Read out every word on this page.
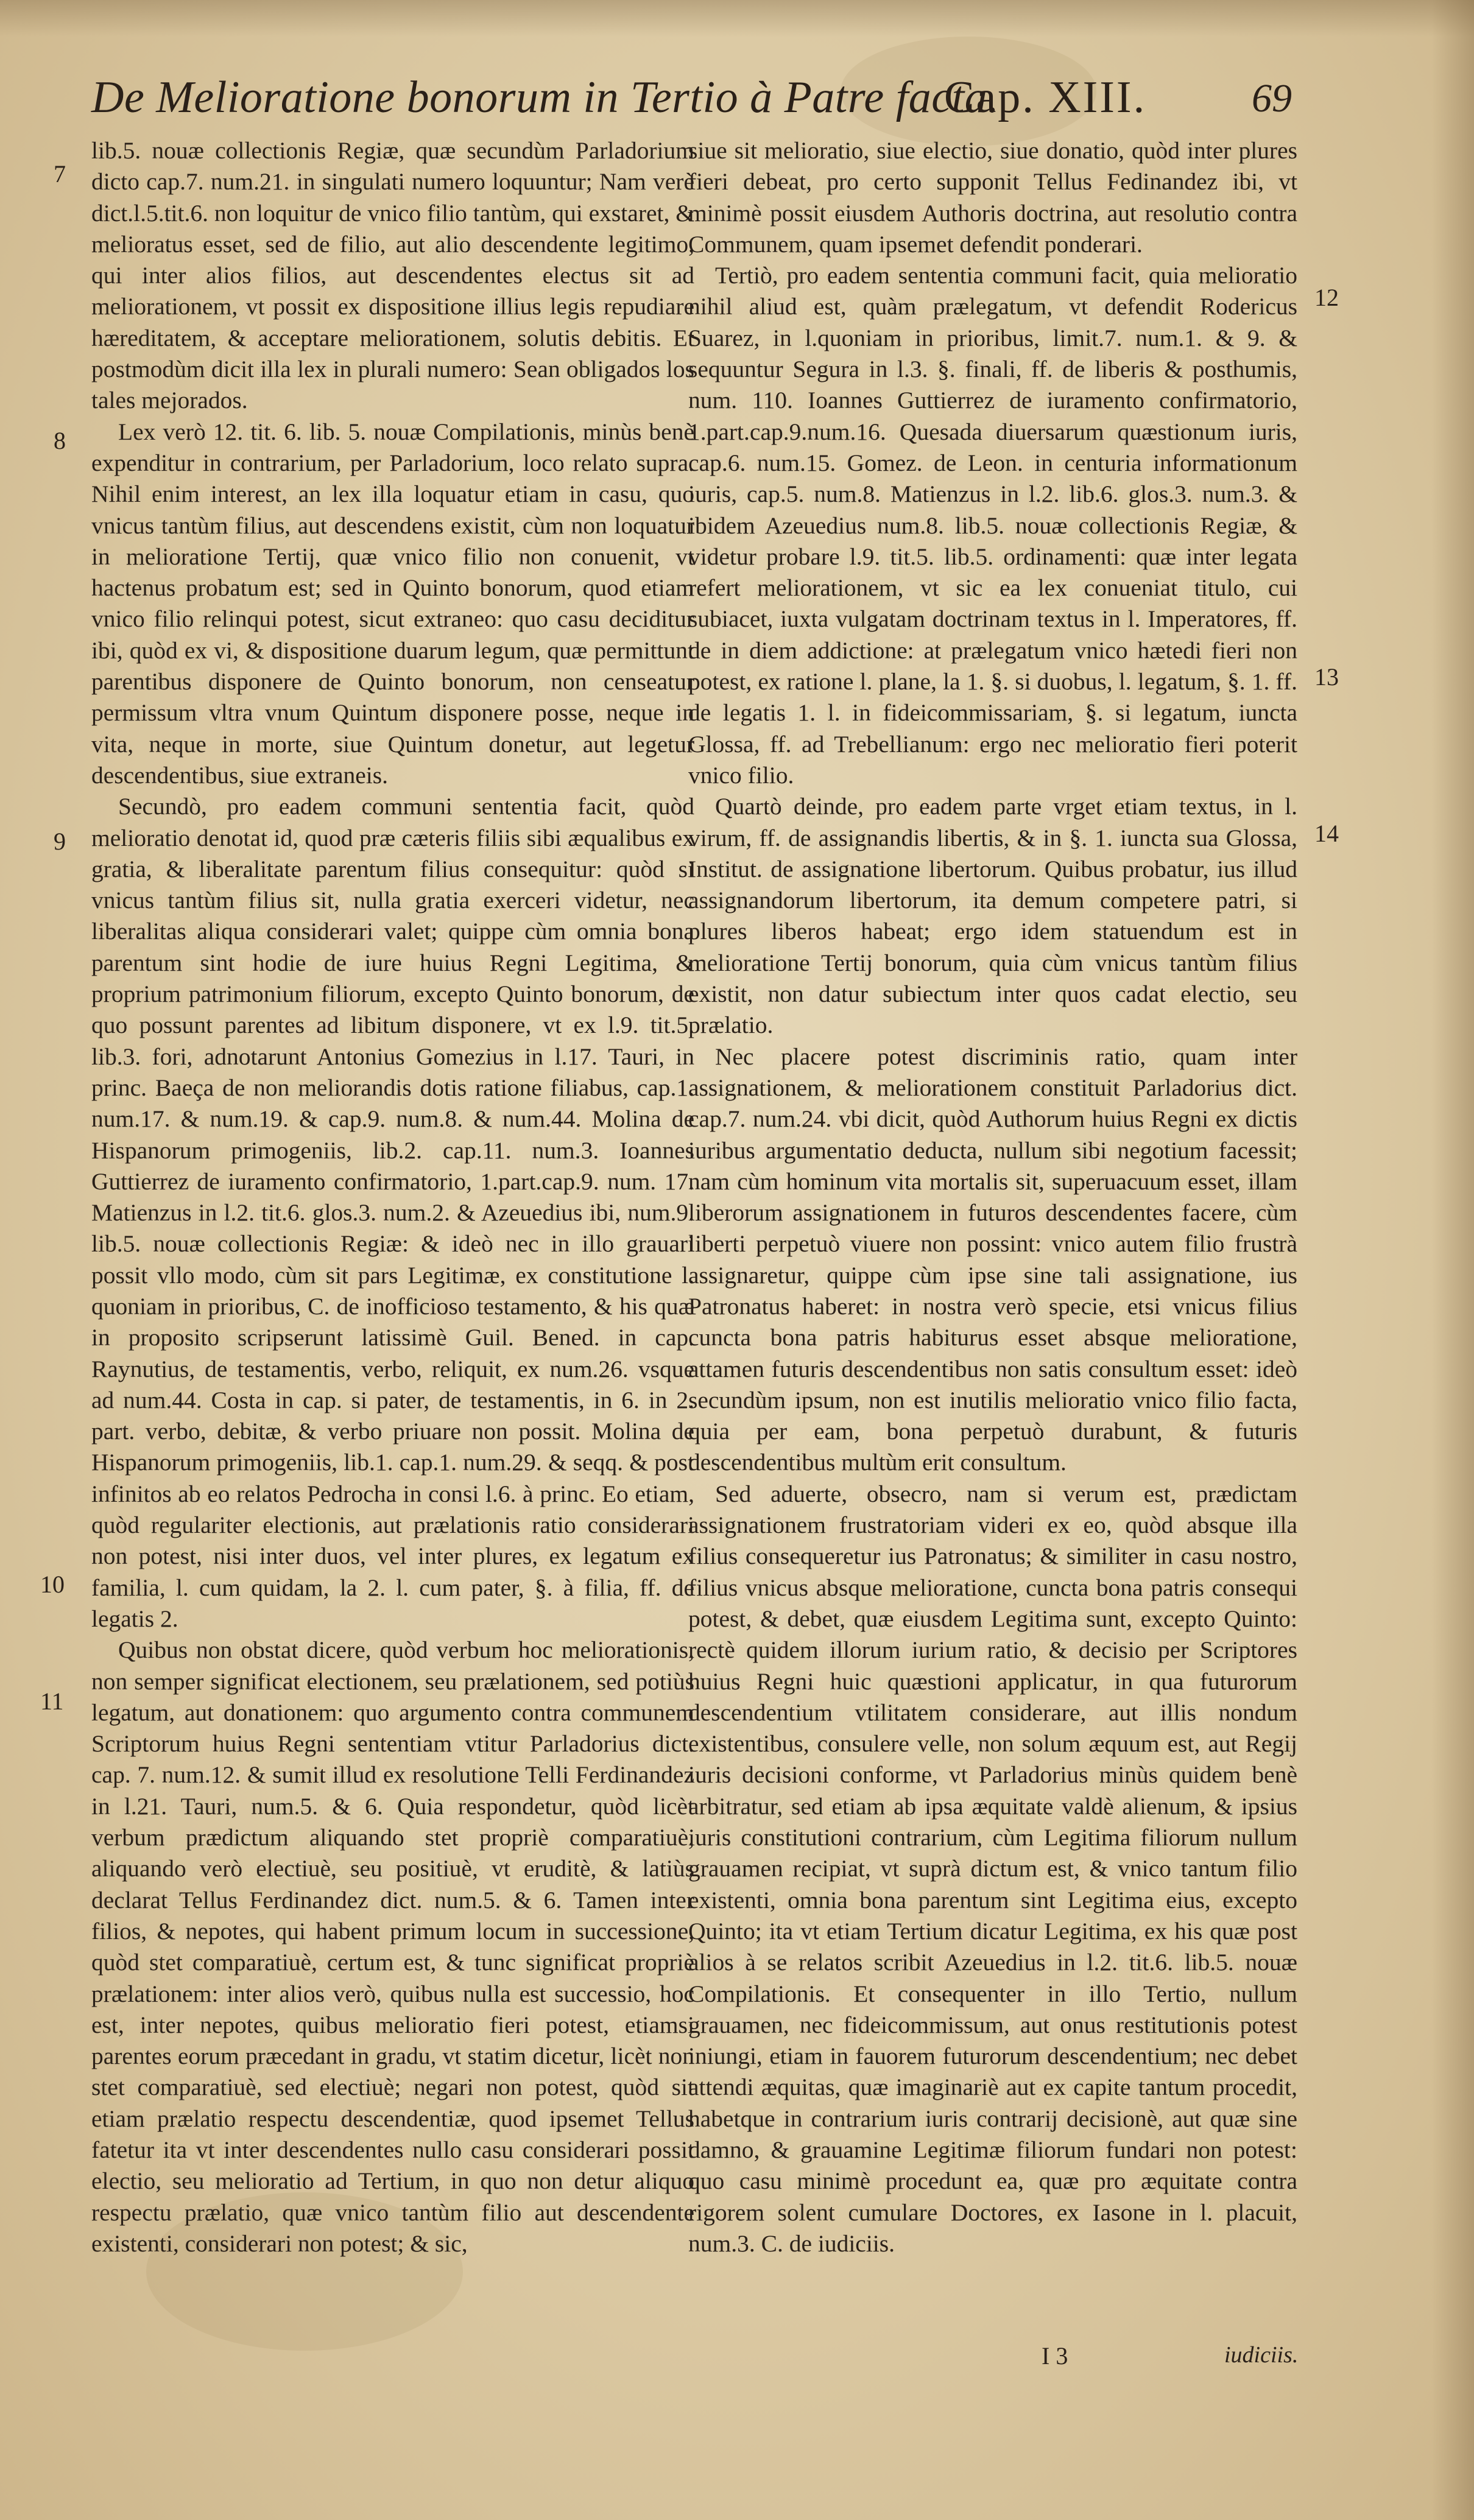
De Melioratione bonorum in Tertio à Patre facta.
Cap. XIII.	69

lib.5. nouæ collectionis Regiæ, quæ secundùm Parladorium dicto cap.7. num.21. in singulati numero loquuntur; Nam verè dict.l.5.tit.6. non loquitur de vnico filio tantùm, qui exstaret, & melioratus esset, sed de filio, aut alio descendente legitimo, qui inter alios filios, aut descendentes electus sit ad meliorationem, vt possit ex dispositione illius legis repudiare hæreditatem, & acceptare meliorationem, solutis debitis. Et postmodùm dicit illa lex in plurali numero: Sean obligados los tales mejorados.

Lex verò 12. tit. 6. lib. 5. nouæ Compilationis, minùs benè expenditur in contrarium, per Parladorium, loco relato supra. Nihil enim interest, an lex illa loquatur etiam in casu, quo vnicus tantùm filius, aut descendens existit, cùm non loquatur in melioratione Tertij, quæ vnico filio non conuenit, vt hactenus probatum est; sed in Quinto bonorum, quod etiam vnico filio relinqui potest, sicut extraneo: quo casu deciditur ibi, quòd ex vi, & dispositione duarum legum, quæ permittunt parentibus disponere de Quinto bonorum, non censeatur permissum vltra vnum Quintum disponere posse, neque in vita, neque in morte, siue Quintum donetur, aut legetur descendentibus, siue extraneis.

Secundò, pro eadem communi sententia facit, quòd melioratio denotat id, quod præ cæteris filiis sibi æqualibus ex gratia, & liberalitate parentum filius consequitur: quòd si vnicus tantùm filius sit, nulla gratia exerceri videtur, nec liberalitas aliqua considerari valet; quippe cùm omnia bona parentum sint hodie de iure huius Regni Legitima, & proprium patrimonium filiorum, excepto Quinto bonorum, de quo possunt parentes ad libitum disponere, vt ex l.9. tit.5. lib.3. fori, adnotarunt Antonius Gomezius in l.17. Tauri, in princ. Baeça de non meliorandis dotis ratione filiabus, cap.1. num.17. & num.19. & cap.9. num.8. & num.44. Molina de Hispanorum primogeniis, lib.2. cap.11. num.3. Ioannes Guttierrez de iuramento confirmatorio, 1.part.cap.9. num. 17. Matienzus in l.2. tit.6. glos.3. num.2. & Azeuedius ibi, num.9. lib.5. nouæ collectionis Regiæ: & ideò nec in illo grauari possit vllo modo, cùm sit pars Legitimæ, ex constitutione l. quoniam in prioribus, C. de inofficioso testamento, & his quæ in proposito scripserunt latissimè Guil. Bened. in cap. Raynutius, de testamentis, verbo, reliquit, ex num.26. vsque ad num.44. Costa in cap. si pater, de testamentis, in 6. in 2. part. verbo, debitæ, & verbo priuare non possit. Molina de Hispanorum primogeniis, lib.1. cap.1. num.29. & seqq. & post infinitos ab eo relatos Pedrocha in consi l.6. à princ. Eo etiam, quòd regulariter electionis, aut prælationis ratio considerari non potest, nisi inter duos, vel inter plures, ex legatum ex familia, l. cum quidam, la 2. l. cum pater, §. à filia, ff. de legatis 2.

Quibus non obstat dicere, quòd verbum hoc meliorationis, non semper significat electionem, seu prælationem, sed potiùs legatum, aut donationem: quo argumento contra communem Scriptorum huius Regni sententiam vtitur Parladorius dict. cap. 7. num.12. & sumit illud ex resolutione Telli Ferdinandez in l.21. Tauri, num.5. & 6. Quia respondetur, quòd licèt verbum prædictum aliquando stet propriè comparatiuè, aliquando verò electiuè, seu positiuè, vt eruditè, & latiùs declarat Tellus Ferdinandez dict. num.5. & 6. Tamen inter filios, & nepotes, qui habent primum locum in successione, quòd stet comparatiuè, certum est, & tunc significat propriè prælationem: inter alios verò, quibus nulla est successio, hoc est, inter nepotes, quibus melioratio fieri potest, etiamsi parentes eorum præcedant in gradu, vt statim dicetur, licèt non stet comparatiuè, sed electiuè; negari non potest, quòd sit etiam prælatio respectu descendentiæ, quod ipsemet Tellus fatetur ita vt inter descendentes nullo casu considerari possit electio, seu melioratio ad Tertium, in quo non detur aliquo respectu prælatio, quæ vnico tantùm filio aut descendente existenti, considerari non potest; & sic,

7
8
9
10
11

siue sit melioratio, siue electio, siue donatio, quòd inter plures fieri debeat, pro certo supponit Tellus Fedinandez ibi, vt minimè possit eiusdem Authoris doctrina, aut resolutio contra Communem, quam ipsemet defendit ponderari.

Tertiò, pro eadem sententia communi facit, quia melioratio nihil aliud est, quàm prælegatum, vt defendit Rodericus Suarez, in l.quoniam in prioribus, limit.7. num.1. & 9. & sequuntur Segura in l.3. §. finali, ff. de liberis & posthumis, num. 110. Ioannes Guttierrez de iuramento confirmatorio, 1.part.cap.9.num.16. Quesada diuersarum quæstionum iuris, cap.6. num.15. Gomez. de Leon. in centuria informationum iuris, cap.5. num.8. Matienzus in l.2. lib.6. glos.3. num.3. & ibidem Azeuedius num.8. lib.5. nouæ collectionis Regiæ, & videtur probare l.9. tit.5. lib.5. ordinamenti: quæ inter legata refert meliorationem, vt sic ea lex conueniat titulo, cui subiacet, iuxta vulgatam doctrinam textus in l. Imperatores, ff. de in diem addictione: at prælegatum vnico hætedi fieri non potest, ex ratione l. plane, la 1. §. si duobus, l. legatum, §. 1. ff. de legatis 1. l. in fideicommissariam, §. si legatum, iuncta Glossa, ff. ad Trebellianum: ergo nec melioratio fieri poterit vnico filio.

Quartò deinde, pro eadem parte vrget etiam textus, in l. virum, ff. de assignandis libertis, & in §. 1. iuncta sua Glossa, Institut. de assignatione libertorum. Quibus probatur, ius illud assignandorum libertorum, ita demum competere patri, si plures liberos habeat; ergo idem statuendum est in melioratione Tertij bonorum, quia cùm vnicus tantùm filius existit, non datur subiectum inter quos cadat electio, seu prælatio.

Nec placere potest discriminis ratio, quam inter assignationem, & meliorationem constituit Parladorius dict. cap.7. num.24. vbi dicit, quòd Authorum huius Regni ex dictis iuribus argumentatio deducta, nullum sibi negotium facessit; nam cùm hominum vita mortalis sit, superuacuum esset, illam liberorum assignationem in futuros descendentes facere, cùm liberti perpetuò viuere non possint: vnico autem filio frustrà assignaretur, quippe cùm ipse sine tali assignatione, ius Patronatus haberet: in nostra verò specie, etsi vnicus filius cuncta bona patris habiturus esset absque melioratione, attamen futuris descendentibus non satis consultum esset: ideò secundùm ipsum, non est inutilis melioratio vnico filio facta, quia per eam, bona perpetuò durabunt, & futuris descendentibus multùm erit consultum.

Sed aduerte, obsecro, nam si verum est, prædictam assignationem frustratoriam videri ex eo, quòd absque illa filius consequeretur ius Patronatus; & similiter in casu nostro, filius vnicus absque melioratione, cuncta bona patris consequi potest, & debet, quæ eiusdem Legitima sunt, excepto Quinto: rectè quidem illorum iurium ratio, & decisio per Scriptores huius Regni huic quæstioni applicatur, in qua futurorum descendentium vtilitatem considerare, aut illis nondum existentibus, consulere velle, non solum æquum est, aut Regij iuris decisioni conforme, vt Parladorius minùs quidem benè arbitratur, sed etiam ab ipsa æquitate valdè alienum, & ipsius iuris constitutioni contrarium, cùm Legitima filiorum nullum grauamen recipiat, vt suprà dictum est, & vnico tantum filio existenti, omnia bona parentum sint Legitima eius, excepto Quinto; ita vt etiam Tertium dicatur Legitima, ex his quæ post alios à se relatos scribit Azeuedius in l.2. tit.6. lib.5. nouæ Compilationis. Et consequenter in illo Tertio, nullum grauamen, nec fideicommissum, aut onus restitutionis potest iniungi, etiam in fauorem futurorum descendentium; nec debet attendi æquitas, quæ imaginariè aut ex capite tantum procedit, habetque in contrarium iuris contrarij decisionè, aut quæ sine damno, & grauamine Legitimæ filiorum fundari non potest: quo casu minimè procedunt ea, quæ pro æquitate contra rigorem solent cumulare Doctores, ex Iasone in l. placuit, num.3. C. de iudiciis.

12
13
14
I 3	iudiciis.
